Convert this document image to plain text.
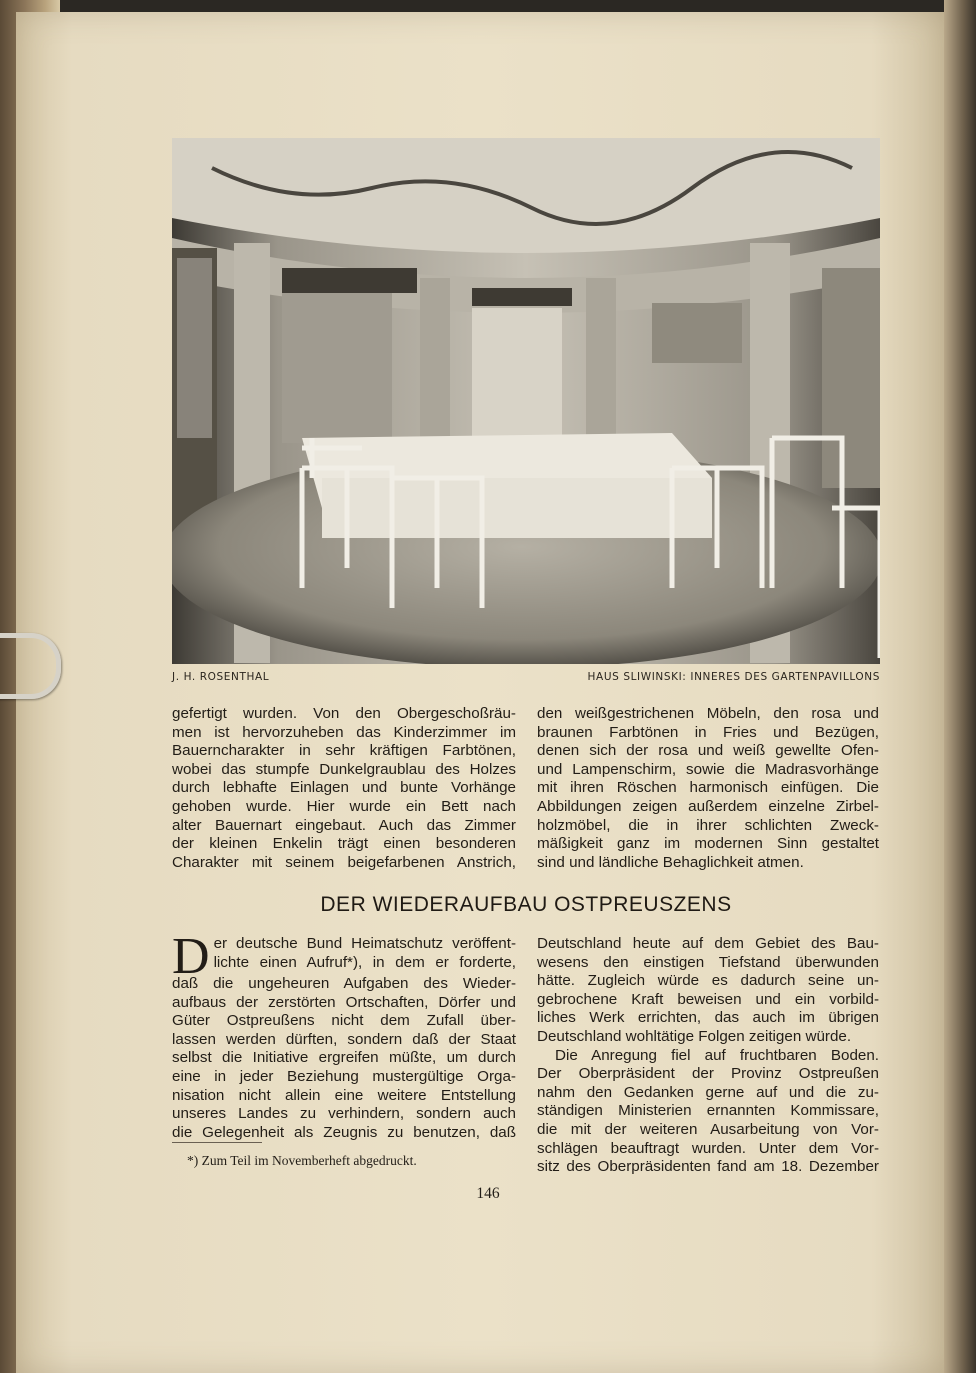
J. H. ROSENTHAL	HAUS SLIWINSKI: INNERES DES GARTENPAVILLONS
gefertigt wurden. Von den Obergeschoßräu-
men ist hervorzuheben das Kinderzimmer im
Bauerncharakter in sehr kräftigen Farbtönen,
wobei das stumpfe Dunkelgraublau des Holzes
durch lebhafte Einlagen und bunte Vorhänge
gehoben wurde. Hier wurde ein Bett nach
alter Bauernart eingebaut. Auch das Zimmer
der kleinen Enkelin trägt einen besonderen
Charakter mit seinem beigefarbenen Anstrich,
den weißgestrichenen Möbeln, den rosa und
braunen Farbtönen in Fries und Bezügen,
denen sich der rosa und weiß gewellte Ofen-
und Lampenschirm, sowie die Madrasvorhänge
mit ihren Röschen harmonisch einfügen. Die
Abbildungen zeigen außerdem einzelne Zirbel-
holzmöbel, die in ihrer schlichten Zweck-
mäßigkeit ganz im modernen Sinn gestaltet
sind und ländliche Behaglichkeit atmen.
DER WIEDERAUFBAU OSTPREUSZENS
D er deutsche Bund Heimatschutz veröffent-
lichte einen Aufruf*), in dem er forderte,
daß die ungeheuren Aufgaben des Wieder-
aufbaus der zerstörten Ortschaften, Dörfer und
Güter Ostpreußens nicht dem Zufall über-
lassen werden dürften, sondern daß der Staat
selbst die Initiative ergreifen müßte, um durch
eine in jeder Beziehung mustergültige Orga-
nisation nicht allein eine weitere Entstellung
unseres Landes zu verhindern, sondern auch
die Gelegenheit als Zeugnis zu benutzen, daß
Deutschland heute auf dem Gebiet des Bau-
wesens den einstigen Tiefstand überwunden
hätte. Zugleich würde es dadurch seine un-
gebrochene Kraft beweisen und ein vorbild-
liches Werk errichten, das auch im übrigen
Deutschland wohltätige Folgen zeitigen würde.
Die Anregung fiel auf fruchtbaren Boden.
Der Oberpräsident der Provinz Ostpreußen
nahm den Gedanken gerne auf und die zu-
ständigen Ministerien ernannten Kommissare,
die mit der weiteren Ausarbeitung von Vor-
schlägen beauftragt wurden. Unter dem Vor-
sitz des Oberpräsidenten fand am 18. Dezember
*) Zum Teil im Novemberheft abgedruckt.
146
